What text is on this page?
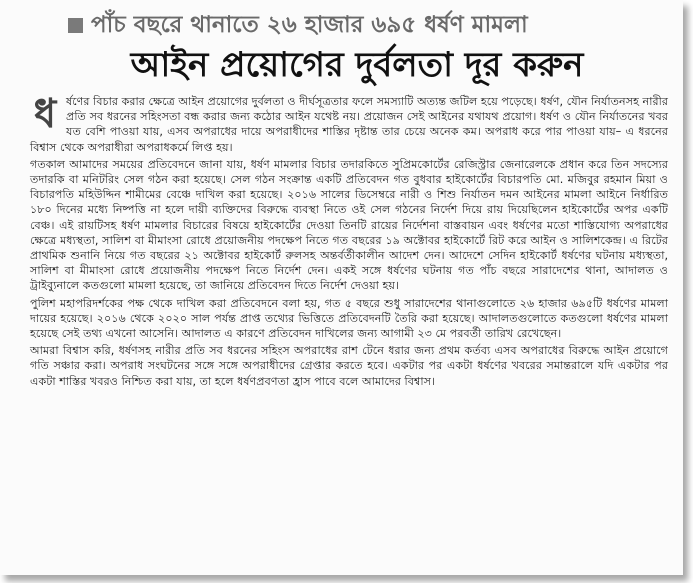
পাঁচ বছরে থানাতে ২৬ হাজার ৬৯৫ ধর্ষণ মামলা
আইন প্রয়োগের দুর্বলতা দূর করুন

ধ র্ষণের বিচার করার ক্ষেত্রে আইন প্রয়োগের দুর্বলতা ও দীর্ঘসূত্রতার ফলে সমস্যাটি অত্যন্ত জটিল হয়ে পড়েছে। ধর্ষণ, যৌন নির্যাতনসহ নারীর প্রতি সব ধরনের সহিংসতা বন্ধ করার জন্য কঠোর আইন যথেষ্ট নয়। প্রয়োজন সেই আইনের যথাযথ প্রয়োগ। ধর্ষণ ও যৌন নির্যাতনের খবর যত বেশি পাওয়া যায়, এসব অপরাধের দায়ে অপরাধীদের শাস্তির দৃষ্টান্ত তার চেয়ে অনেক কম। অপরাধ করে পার পাওয়া যায়– এ ধরনের বিশ্বাস থেকে অপরাধীরা অপরাধকর্মে লিপ্ত হয়।

গতকাল আমাদের সময়ের প্রতিবেদনে জানা যায়, ধর্ষণ মামলার বিচার তদারকিতে সুপ্রিমকোর্টের রেজিস্ট্রার জেনারেলকে প্রধান করে তিন সদস্যের তদারকি বা মনিটরিং সেল গঠন করা হয়েছে। সেল গঠন সংক্রান্ত একটি প্রতিবেদন গত বুধবার হাইকোর্টের বিচারপতি মো. মজিবুর রহমান মিয়া ও বিচারপতি মহিউদ্দিন শামীমের বেঞ্চে দাখিল করা হয়েছে। ২০১৬ সালের ডিসেম্বরে নারী ও শিশু নির্যাতন দমন আইনের মামলা আইনে নির্ধারিত ১৮০ দিনের মধ্যে নিষ্পত্তি না হলে দায়ী ব্যক্তিদের বিরুদ্ধে ব্যবস্থা নিতে ওই সেল গঠনের নির্দেশ দিয়ে রায় দিয়েছিলেন হাইকোর্টের অপর একটি বেঞ্চ। এই রায়টিসহ ধর্ষণ মামলার বিচারের বিষয়ে হাইকোর্টের দেওয়া তিনটি রায়ের নির্দেশনা বাস্তবায়ন এবং ধর্ষণের মতো শাস্তিযোগ্য অপরাধের ক্ষেত্রে মধ্যস্থতা, সালিশ বা মীমাংসা রোধে প্রয়োজনীয় পদক্ষেপ নিতে গত বছরের ১৯ অক্টোবর হাইকোর্টে রিট করে আইন ও সালিশকেন্দ্র। এ রিটের প্রাথমিক শুনানি নিয়ে গত বছরের ২১ অক্টোবর হাইকোর্ট রুলসহ অন্তর্বর্তীকালীন আদেশ দেন। আদেশে সেদিন হাইকোর্ট ধর্ষণের ঘটনায় মধ্যস্থতা, সালিশ বা মীমাংসা রোধে প্রয়োজনীয় পদক্ষেপ নিতে নির্দেশ দেন। একই সঙ্গে ধর্ষণের ঘটনায় গত পাঁচ বছরে সারাদেশের থানা, আদালত ও ট্রাইব্যুনালে কতগুলো মামলা হয়েছে, তা জানিয়ে প্রতিবেদন দিতে নির্দেশ দেওয়া হয়।

পুলিশ মহাপরিদর্শকের পক্ষ থেকে দাখিল করা প্রতিবেদনে বলা হয়, গত ৫ বছরে শুধু সারাদেশের থানাগুলোতে ২৬ হাজার ৬৯৫টি ধর্ষণের মামলা দায়ের হয়েছে। ২০১৬ থেকে ২০২০ সাল পর্যন্ত প্রাপ্ত তথ্যের ভিত্তিতে প্রতিবেদনটি তৈরি করা হয়েছে। আদালতগুলোতে কতগুলো ধর্ষণের মামলা হয়েছে সেই তথ্য এখনো আসেনি। আদালত এ কারণে প্রতিবেদন দাখিলের জন্য আগামী ২৩ মে পরবর্তী তারিখ রেখেছেন।

আমরা বিশ্বাস করি, ধর্ষণসহ নারীর প্রতি সব ধরনের সহিংস অপরাধের রাশ টেনে ধরার জন্য প্রথম কর্তব্য এসব অপরাধের বিরুদ্ধে আইন প্রয়োগে গতি সঞ্চার করা। অপরাধ সংঘটনের সঙ্গে সঙ্গে অপরাধীদের গ্রেপ্তার করতে হবে। একটার পর একটা ধর্ষণের খবরের সমান্তরালে যদি একটার পর একটা শাস্তির খবরও নিশ্চিত করা যায়, তা হলে ধর্ষণপ্রবণতা হ্রাস পাবে বলে আমাদের বিশ্বাস।
